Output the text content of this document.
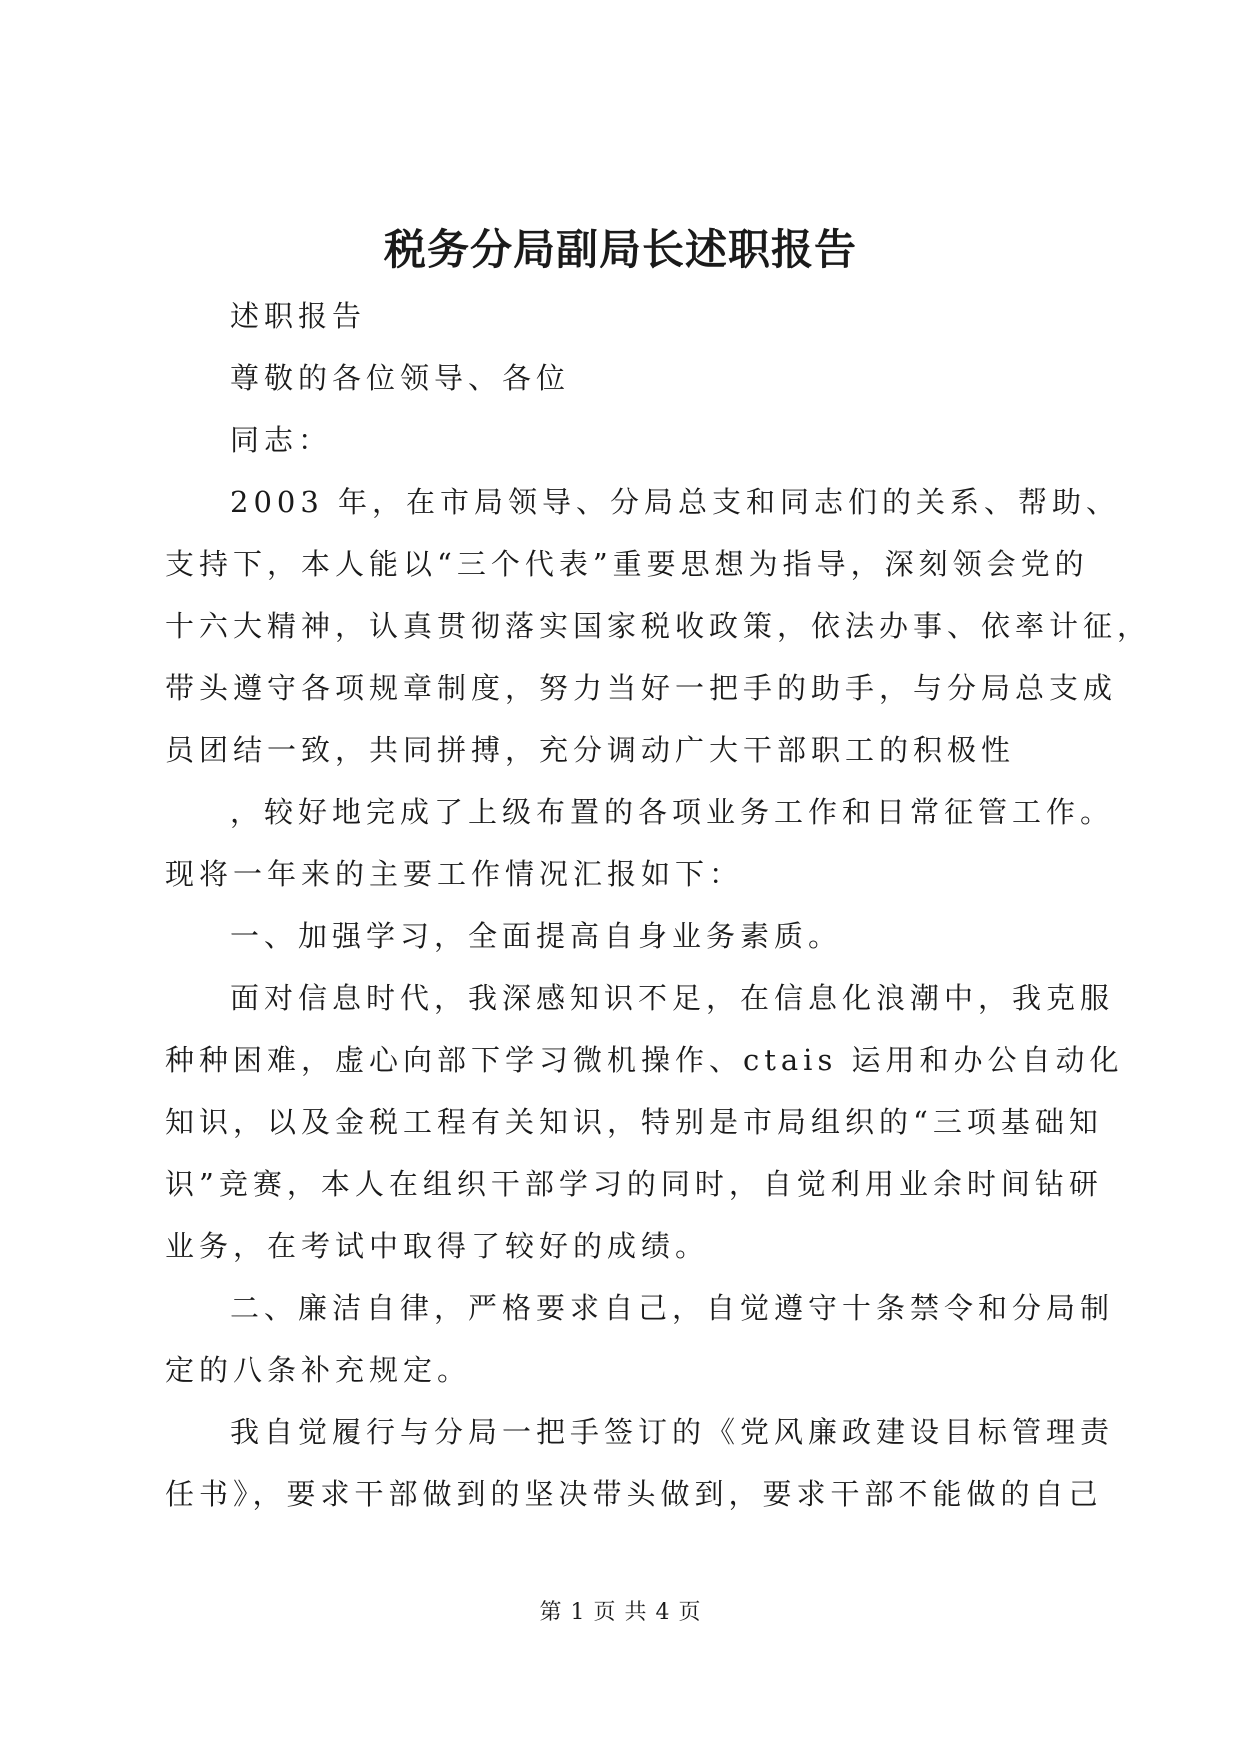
税务分局副局长述职报告
述职报告
尊敬的各位领导、各位
同志：
2003 年，在市局领导、分局总支和同志们的关系、帮助、
支持下，本人能以“三个代表”重要思想为指导，深刻领会党的
十六大精神，认真贯彻落实国家税收政策，依法办事、依率计征，
带头遵守各项规章制度，努力当好一把手的助手，与分局总支成
员团结一致，共同拼搏，充分调动广大干部职工的积极性
，较好地完成了上级布置的各项业务工作和日常征管工作。
现将一年来的主要工作情况汇报如下：
一、加强学习，全面提高自身业务素质。
面对信息时代，我深感知识不足，在信息化浪潮中，我克服
种种困难，虚心向部下学习微机操作、ctais 运用和办公自动化
知识，以及金税工程有关知识，特别是市局组织的“三项基础知
识”竞赛，本人在组织干部学习的同时，自觉利用业余时间钻研
业务，在考试中取得了较好的成绩。
二、廉洁自律，严格要求自己，自觉遵守十条禁令和分局制
定的八条补充规定。
我自觉履行与分局一把手签订的《党风廉政建设目标管理责
任书》，要求干部做到的坚决带头做到，要求干部不能做的自己
第 1 页 共 4 页
